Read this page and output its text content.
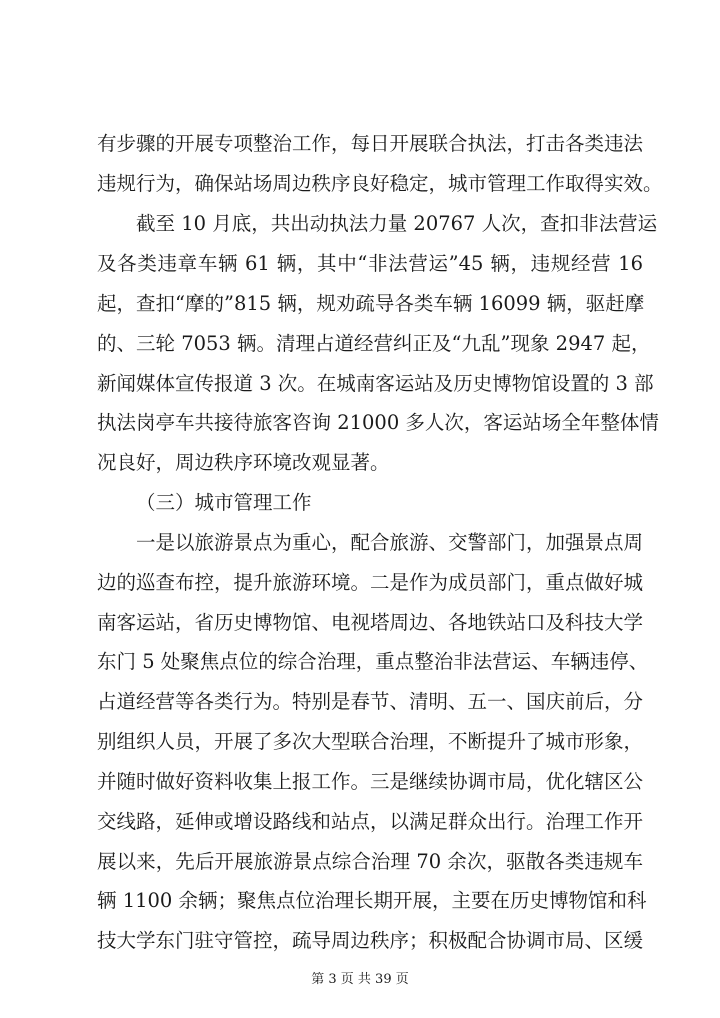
有步骤的开展专项整治工作，每日开展联合执法，打击各类违法
违规行为，确保站场周边秩序良好稳定，城市管理工作取得实效。
截至 10 月底，共出动执法力量 20767 人次，查扣非法营运
及各类违章车辆 61 辆，其中“非法营运”45 辆，违规经营 16
起，查扣“摩的”815 辆，规劝疏导各类车辆 16099 辆，驱赶摩
的、三轮 7053 辆。清理占道经营纠正及“九乱”现象 2947 起，
新闻媒体宣传报道 3 次。在城南客运站及历史博物馆设置的 3 部
执法岗亭车共接待旅客咨询 21000 多人次，客运站场全年整体情
况良好，周边秩序环境改观显著。
（三）城市管理工作
一是以旅游景点为重心，配合旅游、交警部门，加强景点周
边的巡查布控，提升旅游环境。二是作为成员部门，重点做好城
南客运站，省历史博物馆、电视塔周边、各地铁站口及科技大学
东门 5 处聚焦点位的综合治理，重点整治非法营运、车辆违停、
占道经营等各类行为。特别是春节、清明、五一、国庆前后，分
别组织人员，开展了多次大型联合治理，不断提升了城市形象，
并随时做好资料收集上报工作。三是继续协调市局，优化辖区公
交线路，延伸或增设路线和站点，以满足群众出行。治理工作开
展以来，先后开展旅游景点综合治理 70 余次，驱散各类违规车
辆 1100 余辆；聚焦点位治理长期开展，主要在历史博物馆和科
技大学东门驻守管控，疏导周边秩序；积极配合协调市局、区缓
第 3 页 共 39 页
